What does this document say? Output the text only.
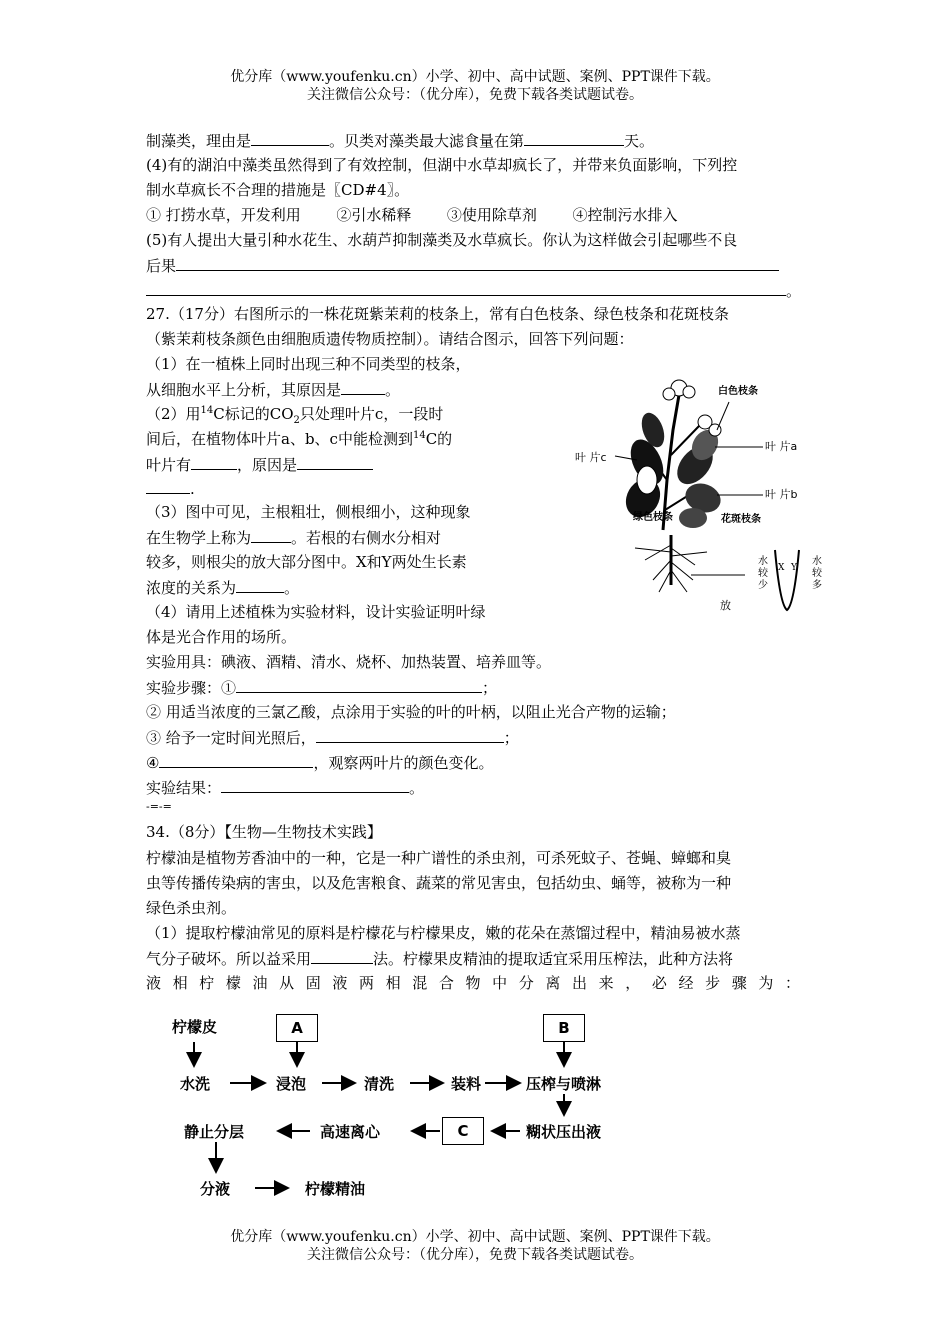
优分库（www.youfenku.cn）小学、初中、高中试题、案例、PPT课件下载。
关注微信公众号：（优分库），免费下载各类试题试卷。
制藻类，理由是	。贝类对藻类最大滤食量在第	天。
(4)有的湖泊中藻类虽然得到了有效控制，但湖中水草却疯长了，并带来负面影响，下列控
制水草疯长不合理的措施是〖CD#4〗。
① 打捞水草，开发利用 ②引水稀释 ③使用除草剂 ④控制污水排入
(5)有人提出大量引种水花生、水葫芦抑制藻类及水草疯长。你认为这样做会引起哪些不良
后果
。
27.（17分）右图所示的一株花斑紫茉莉的枝条上，常有白色枝条、绿色枝条和花斑枝条
（紫茉莉枝条颜色由细胞质遗传物质控制）。请结合图示，回答下列问题：
（1）在一植株上同时出现三种不同类型的枝条，
从细胞水平上分析，其原因是	。
（2）用$^{14}$C标记的$CO_2$只处理叶片c，一段时
间后，在植物体叶片a、b、c中能检测到$^{14}$C的
叶片有	，原因是
.
（3）图中可见，主根粗壮，侧根细小，这种现象
在生物学上称为	。若根的右侧水分相对
较多，则根尖的放大部分图中。X和Y两处生长素
浓度的关系为	。
（4）请用上述植株为实验材料，设计实验证明叶绿
体是光合作用的场所。
实验用具：碘液、酒精、清水、烧杯、加热装置、培养皿等。
实验步骤：①	；
② 用适当浓度的三氯乙酸，点涂用于实验的叶的叶柄，以阻止光合产物的运输；
③ 给予一定时间光照后，	；
④	，观察两叶片的颜色变化。
实验结果：	。
-=-=
白色枝条
叶 片a
叶 片b
叶 片c
绿色枝条	花斑枝条
水
较
少
水
较
多
X Y
放
34.（8分）【生物—生物技术实践】
柠檬油是植物芳香油中的一种，它是一种广谱性的杀虫剂，可杀死蚊子、苍蝇、蟑螂和臭
虫等传播传染病的害虫，以及危害粮食、蔬菜的常见害虫，包括幼虫、蛹等，被称为一种
绿色杀虫剂。
（1）提取柠檬油常见的原料是柠檬花与柠檬果皮，嫩的花朵在蒸馏过程中，精油易被水蒸
气分子破坏。所以益采用	法。柠檬果皮精油的提取适宜采用压榨法，此种方法将
液相柠檬油从固液两相混合物中分离出来，必经步骤为：
柠檬皮	A	B
水洗	浸泡	清洗	装料	压榨与喷淋
糊状压出液
C
高速离心
静止分层
分液	柠檬精油
优分库（www.youfenku.cn）小学、初中、高中试题、案例、PPT课件下载。
关注微信公众号：（优分库），免费下载各类试题试卷。
